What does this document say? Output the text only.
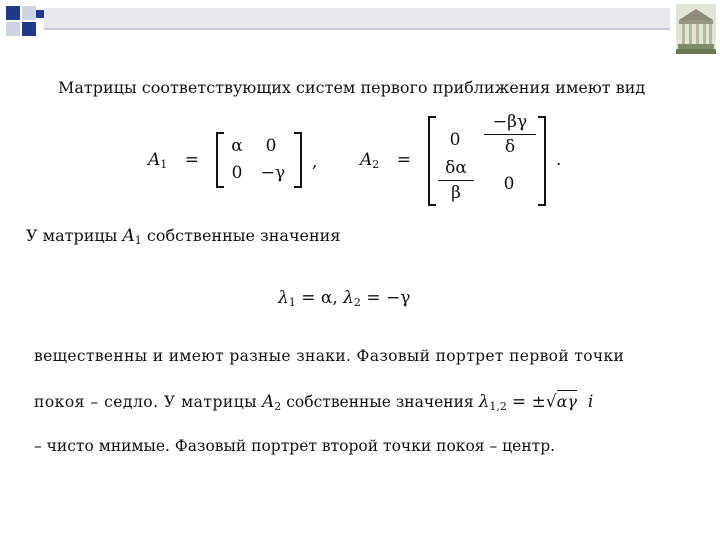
Матрицы соответствующих систем первого приближения имеют вид
$A_1$ =
α	0
0	−γ
,	$A_2$ =
0
−βγ
δ
δα
β	0
.
У матрицы $A_1$ собственные значения
$\lambda_1 = \alpha$, $\lambda_2 = -\gamma$
вещественны и имеют разные знаки. Фазовый портрет первой точки
покоя – седло. У матрицы $A_2$ собственные значения $\lambda_{1,2} = \pm√\alpha\gamma$ i
– чисто мнимые. Фазовый портрет второй точки покоя – центр.
